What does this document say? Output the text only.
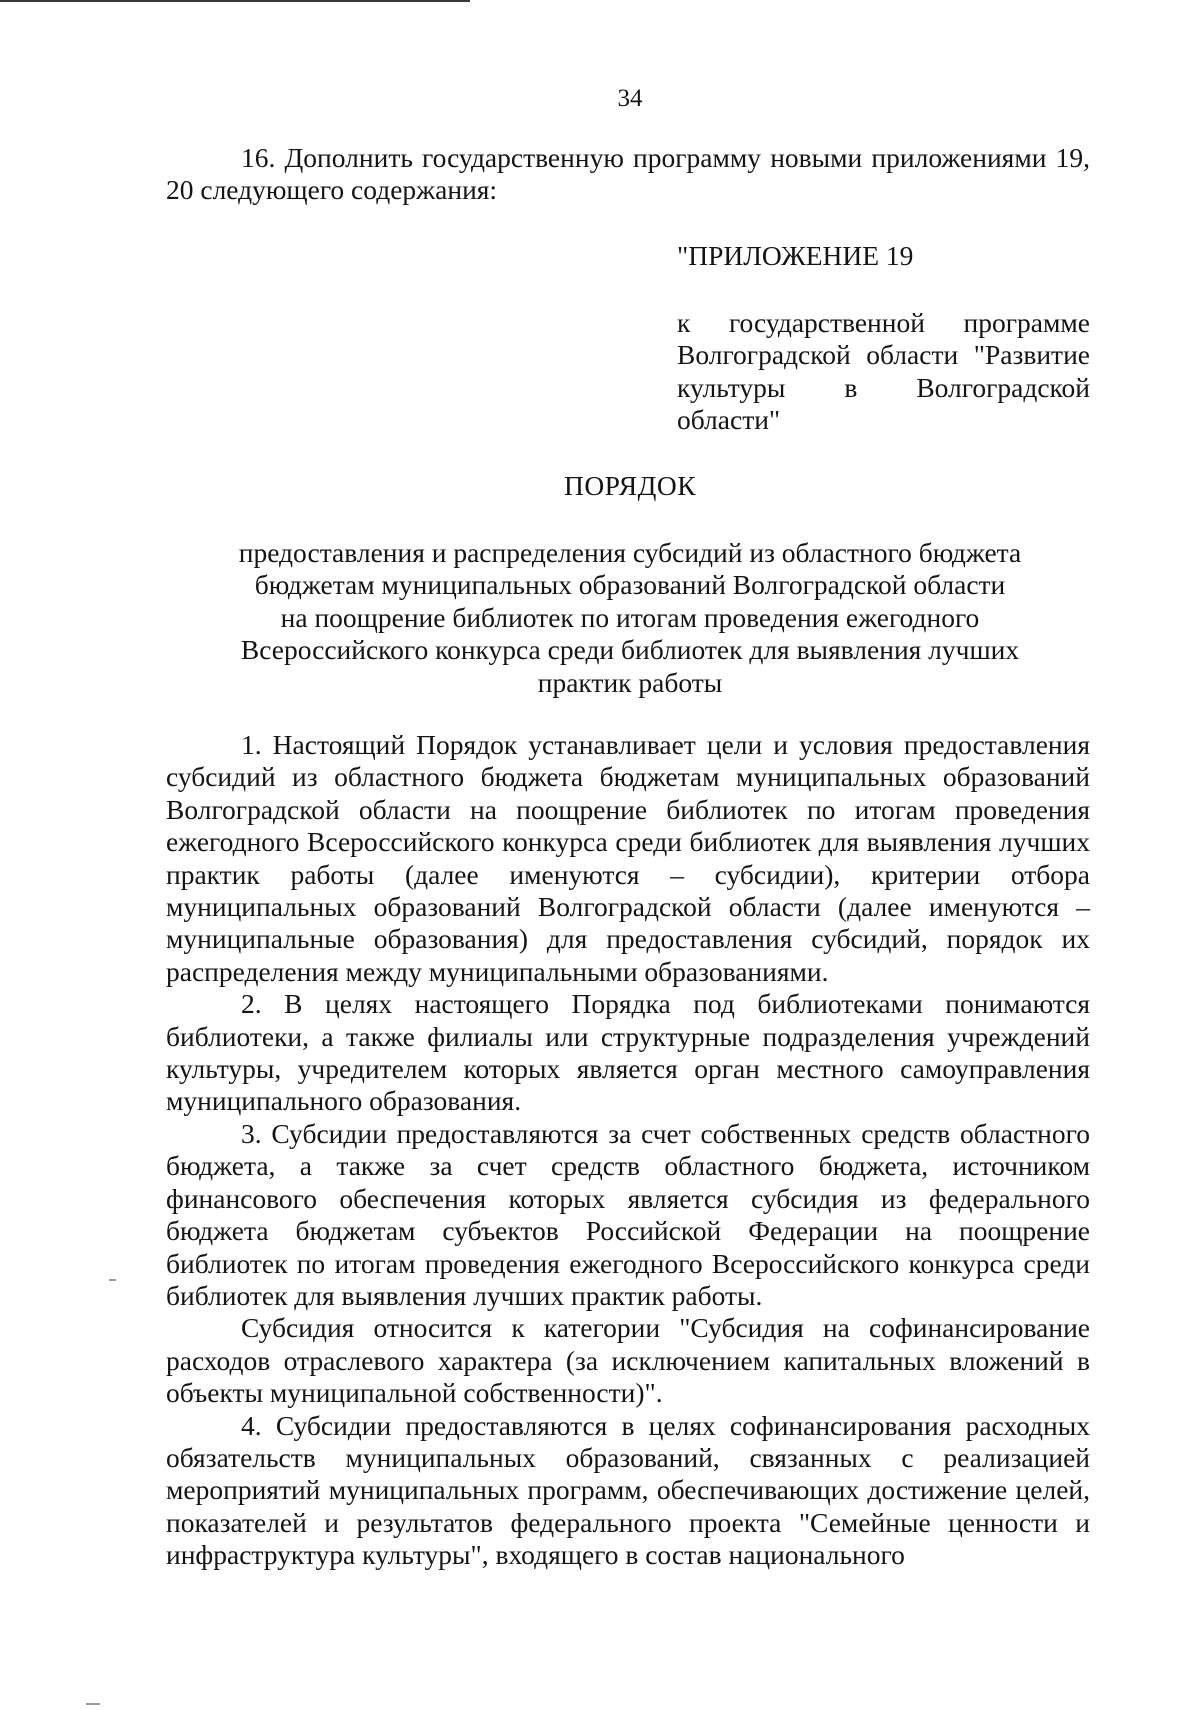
34
16. Дополнить государственную программу новыми приложениями 19, 20 следующего содержания:
"ПРИЛОЖЕНИЕ 19
к государственной программе Волгоградской области "Развитие культуры в Волгоградской области"
ПОРЯДОК
предоставления и распределения субсидий из областного бюджета
бюджетам муниципальных образований Волгоградской области
на поощрение библиотек по итогам проведения ежегодного
Всероссийского конкурса среди библиотек для выявления лучших
практик работы

1. Настоящий Порядок устанавливает цели и условия предоставления субсидий из областного бюджета бюджетам муниципальных образований Волгоградской области на поощрение библиотек по итогам проведения ежегодного Всероссийского конкурса среди библиотек для выявления лучших практик работы (далее именуются – субсидии), критерии отбора муниципальных образований Волгоградской области (далее именуются – муниципальные образования) для предоставления субсидий, порядок их распределения между муниципальными образованиями.

2. В целях настоящего Порядка под библиотеками понимаются библиотеки, а также филиалы или структурные подразделения учреждений культуры, учредителем которых является орган местного самоуправления муниципального образования.

3. Субсидии предоставляются за счет собственных средств областного бюджета, а также за счет средств областного бюджета, источником финансового обеспечения которых является субсидия из федерального бюджета бюджетам субъектов Российской Федерации на поощрение библиотек по итогам проведения ежегодного Всероссийского конкурса среди библиотек для выявления лучших практик работы.

Субсидия относится к категории "Субсидия на софинансирование расходов отраслевого характера (за исключением капитальных вложений в объекты муниципальной собственности)".

4. Субсидии предоставляются в целях софинансирования расходных обязательств муниципальных образований, связанных с реализацией мероприятий муниципальных программ, обеспечивающих достижение целей, показателей и результатов федерального проекта "Семейные ценности и инфраструктура культуры", входящего в состав национального
